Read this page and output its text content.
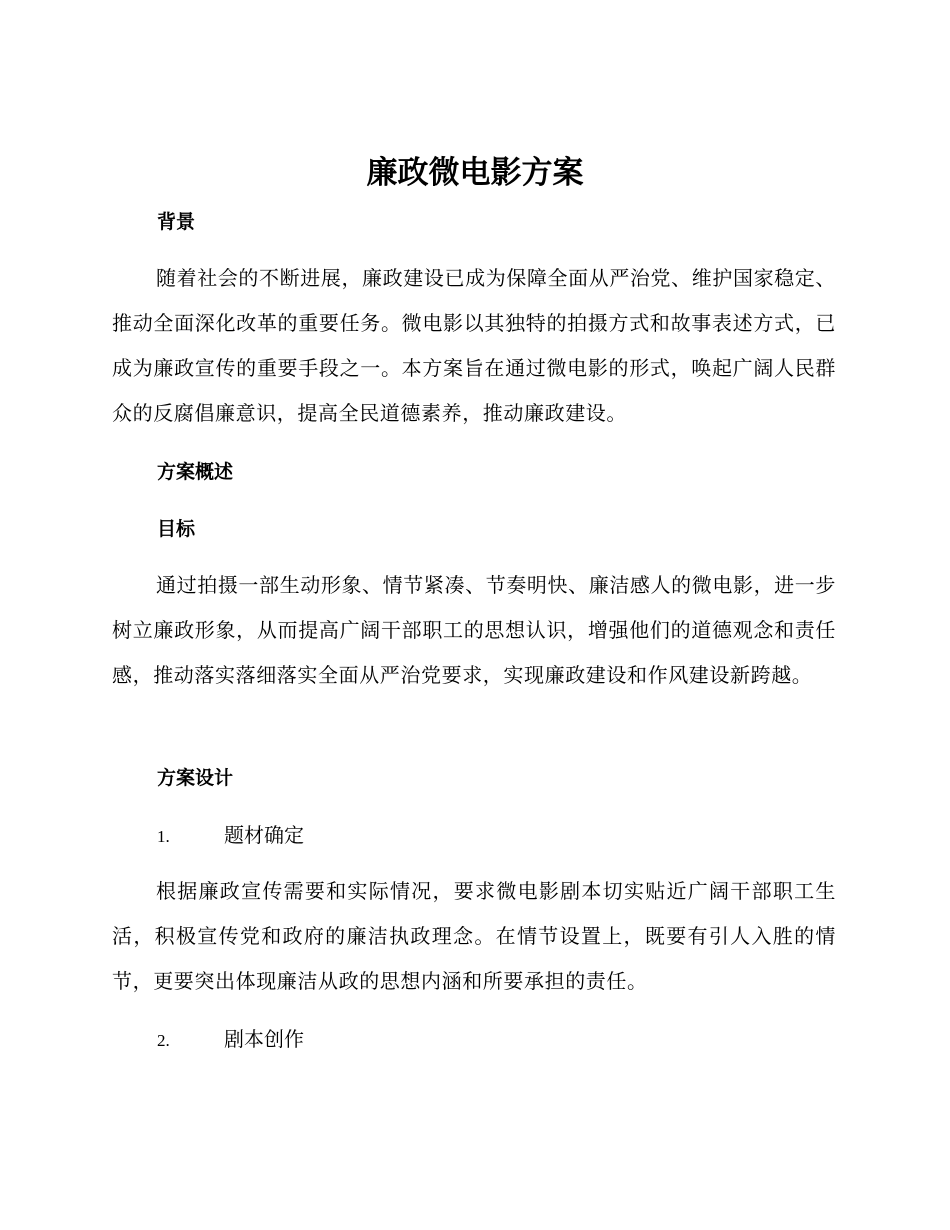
廉政微电影方案
背景

随着社会的不断进展，廉政建设已成为保障全面从严治党、维护国家稳定、推动全面深化改革的重要任务。微电影以其独特的拍摄方式和故事表述方式，已成为廉政宣传的重要手段之一。本方案旨在通过微电影的形式，唤起广阔人民群众的反腐倡廉意识，提高全民道德素养，推动廉政建设。

方案概述
目标

通过拍摄一部生动形象、情节紧凑、节奏明快、廉洁感人的微电影，进一步树立廉政形象，从而提高广阔干部职工的思想认识，增强他们的道德观念和责任感，推动落实落细落实全面从严治党要求，实现廉政建设和作风建设新跨越。

方案设计
1.	题材确定

根据廉政宣传需要和实际情况，要求微电影剧本切实贴近广阔干部职工生活，积极宣传党和政府的廉洁执政理念。在情节设置上，既要有引人入胜的情节，更要突出体现廉洁从政的思想内涵和所要承担的责任。

2.	剧本创作
